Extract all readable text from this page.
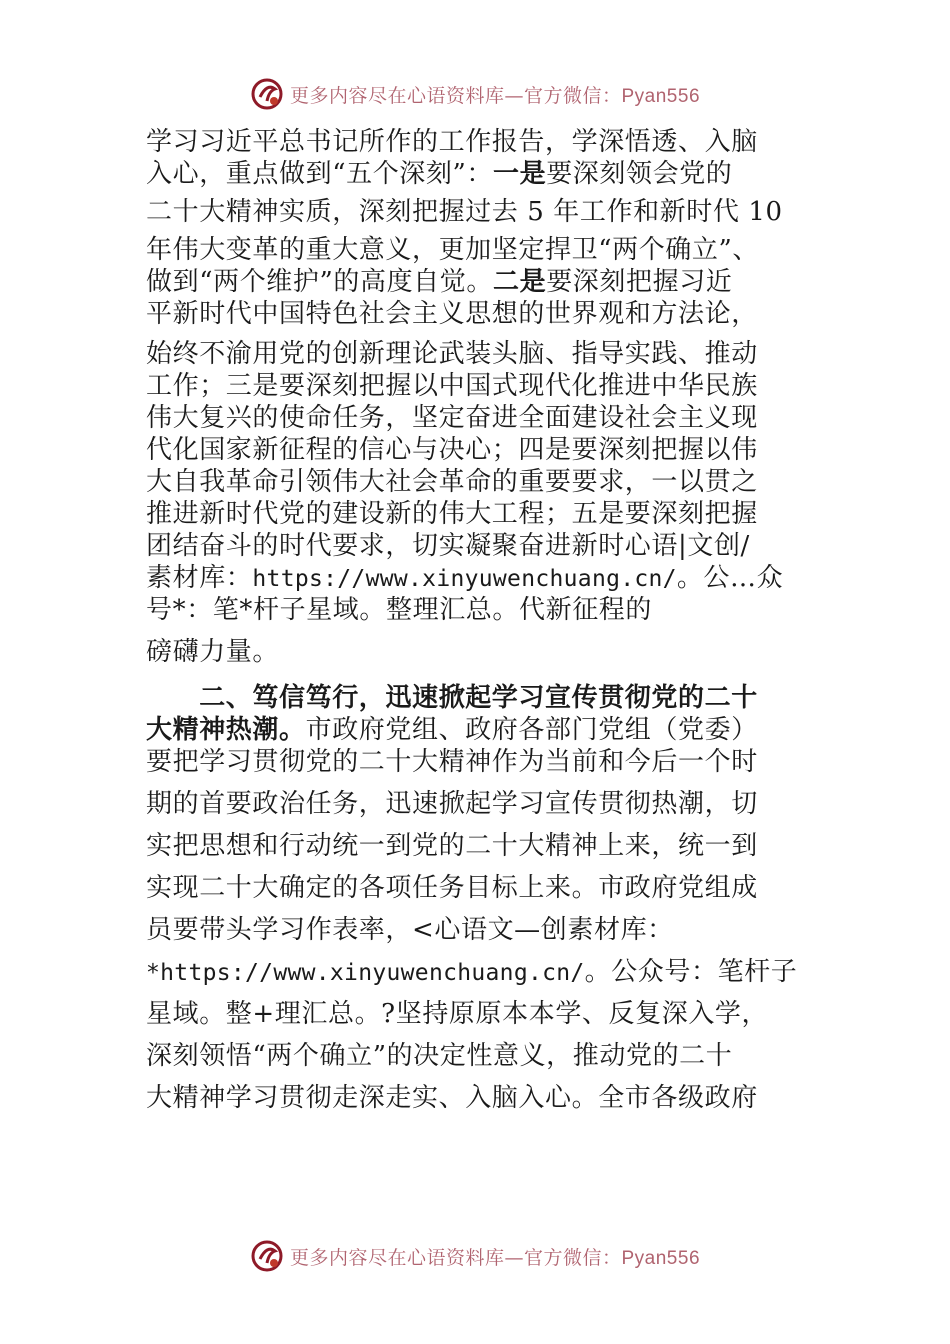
更多内容尽在心语资料库—官方微信：Pyan556
学习习近平总书记所作的工作报告，学深悟透、入脑
入心，重点做到“五个深刻”：一是要深刻领会党的
二十大精神实质，深刻把握过去 5 年工作和新时代 10
年伟大变革的重大意义，更加坚定捍卫“两个确立”、
做到“两个维护”的高度自觉。二是要深刻把握习近
平新时代中国特色社会主义思想的世界观和方法论，
始终不渝用党的创新理论武装头脑、指导实践、推动
工作；三是要深刻把握以中国式现代化推进中华民族
伟大复兴的使命任务，坚定奋进全面建设社会主义现
代化国家新征程的信心与决心；四是要深刻把握以伟
大自我革命引领伟大社会革命的重要要求，一以贯之
推进新时代党的建设新的伟大工程；五是要深刻把握
团结奋斗的时代要求，切实凝聚奋进新时心语|文创/
素材库：https://www.xinyuwenchuang.cn/。公…众
号*：笔*杆子星域。整理汇总。代新征程的
磅礴力量。
　　二、笃信笃行，迅速掀起学习宣传贯彻党的二十
大精神热潮。市政府党组、政府各部门党组（党委）
要把学习贯彻党的二十大精神作为当前和今后一个时
期的首要政治任务，迅速掀起学习宣传贯彻热潮，切
实把思想和行动统一到党的二十大精神上来，统一到
实现二十大确定的各项任务目标上来。市政府党组成
员要带头学习作表率，<心语文—创素材库：
*https://www.xinyuwenchuang.cn/。公众号：笔杆子
星域。整+理汇总。?坚持原原本本学、反复深入学，
深刻领悟“两个确立”的决定性意义，推动党的二十
大精神学习贯彻走深走实、入脑入心。全市各级政府
更多内容尽在心语资料库—官方微信：Pyan556
